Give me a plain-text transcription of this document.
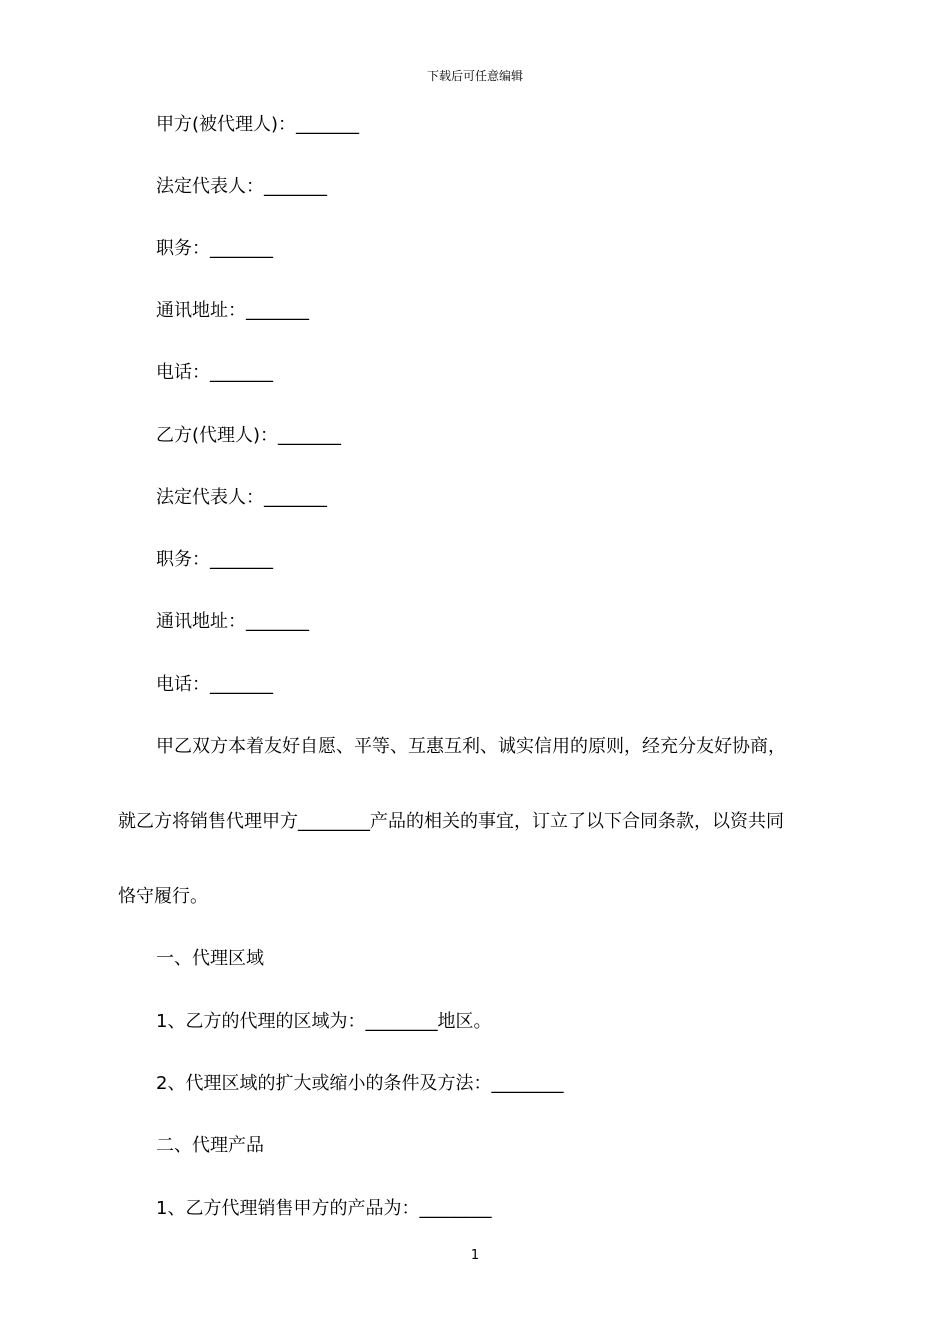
下载后可任意编辑
甲方(被代理人)：_______
法定代表人：_______
职务：_______
通讯地址：_______
电话：_______
乙方(代理人)：_______
法定代表人：_______
职务：_______
通讯地址：_______
电话：_______
甲乙双方本着友好自愿、平等、互惠互利、诚实信用的原则，经充分友好协商，
就乙方将销售代理甲方________产品的相关的事宜，订立了以下合同条款，以资共同
恪守履行。
一、代理区域
1、乙方的代理的区域为：________地区。
2、代理区域的扩大或缩小的条件及方法：________
二、代理产品
1、乙方代理销售甲方的产品为：________
1
